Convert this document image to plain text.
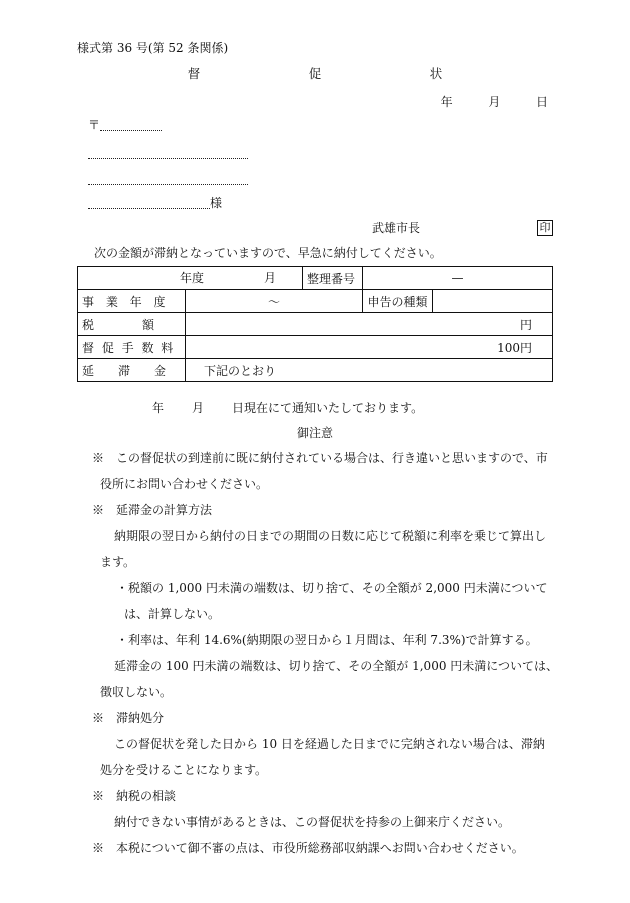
様式第 36 号(第 52 条関係)
督　促　状
年	月	日
〒
様
武雄市長	印
次の金額が滞納となっていますので、早急に納付してください。
年度 月		整理番号	—	
事 業 年 度	～		申告の種類	
税　　　　額	円			
督 促 手 数 料	100円			
延　　滞　　金	下記のとおり			
年 月 日現在にて通知いたしております。
御注意
※　この督促状の到達前に既に納付されている場合は、行き違いと思いますので、市
役所にお問い合わせください。
※　延滞金の計算方法
納期限の翌日から納付の日までの期間の日数に応じて税額に利率を乗じて算出し
ます。
・税額の 1,000 円未満の端数は、切り捨て、その全額が 2,000 円未満について
は、計算しない。
・利率は、年利 14.6%(納期限の翌日から１月間は、年利 7.3%)で計算する。
延滞金の 100 円未満の端数は、切り捨て、その全額が 1,000 円未満については、
徴収しない。
※　滞納処分
この督促状を発した日から 10 日を経過した日までに完納されない場合は、滞納
処分を受けることになります。
※　納税の相談
納付できない事情があるときは、この督促状を持参の上御来庁ください。
※　本税について御不審の点は、市役所総務部収納課へお問い合わせください。
